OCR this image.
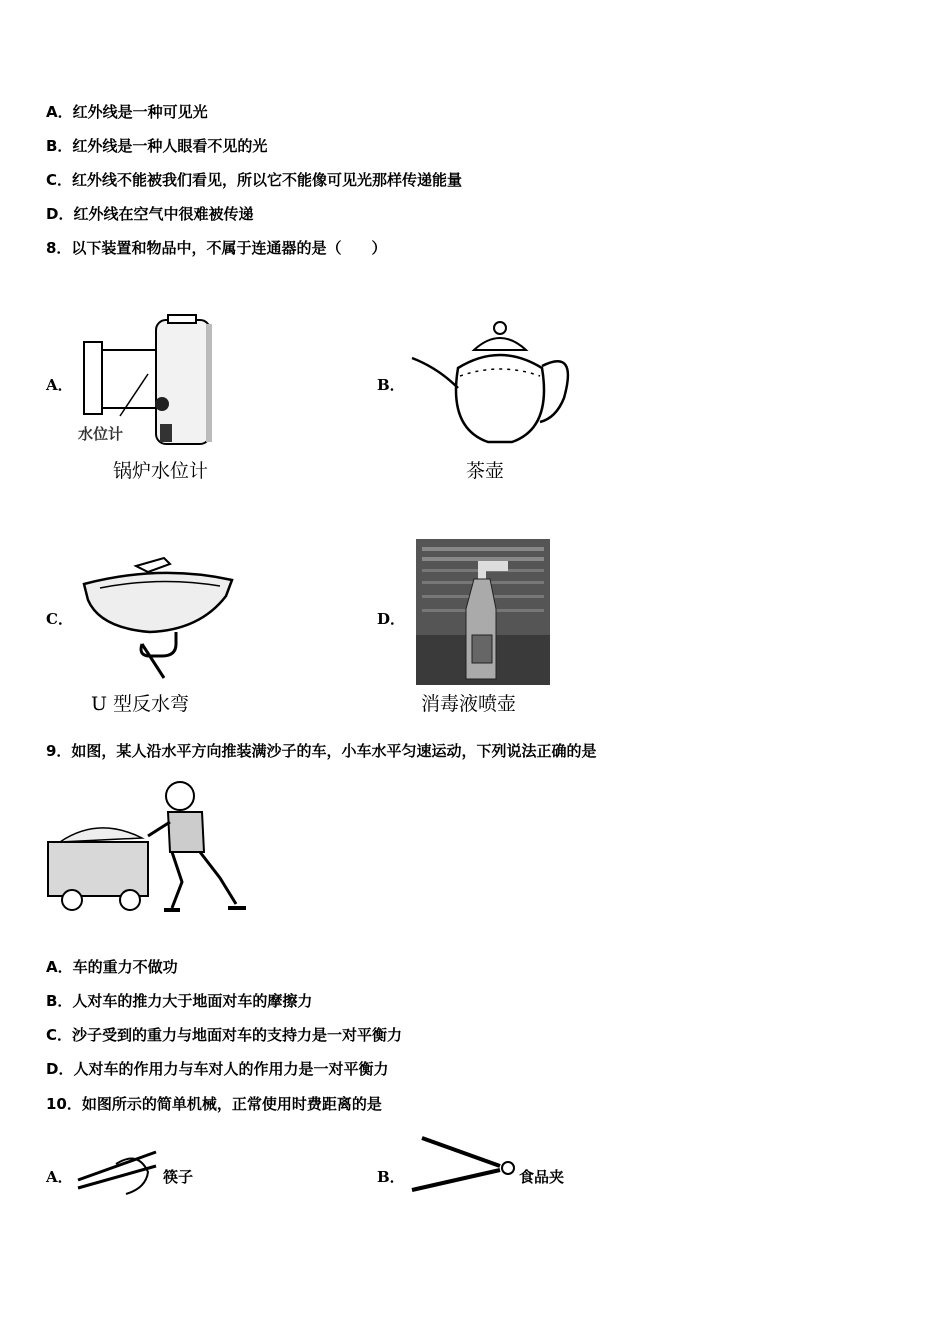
A．红外线是一种可见光
B．红外线是一种人眼看不见的光
C．红外线不能被我们看见，所以它不能像可见光那样传递能量
D．红外线在空气中很难被传递
8．以下装置和物品中，不属于连通器的是（　　）
A．
水位计
锅炉水位计
B．
茶壶
C．
U 型反水弯
D．
消毒液喷壶
9．如图，某人沿水平方向推装满沙子的车，小车水平匀速运动，下列说法正确的是
A．车的重力不做功
B．人对车的推力大于地面对车的摩擦力
C．沙子受到的重力与地面对车的支持力是一对平衡力
D．人对车的作用力与车对人的作用力是一对平衡力
10．如图所示的简单机械，正常使用时费距离的是
A．	筷子	B．	食品夹
